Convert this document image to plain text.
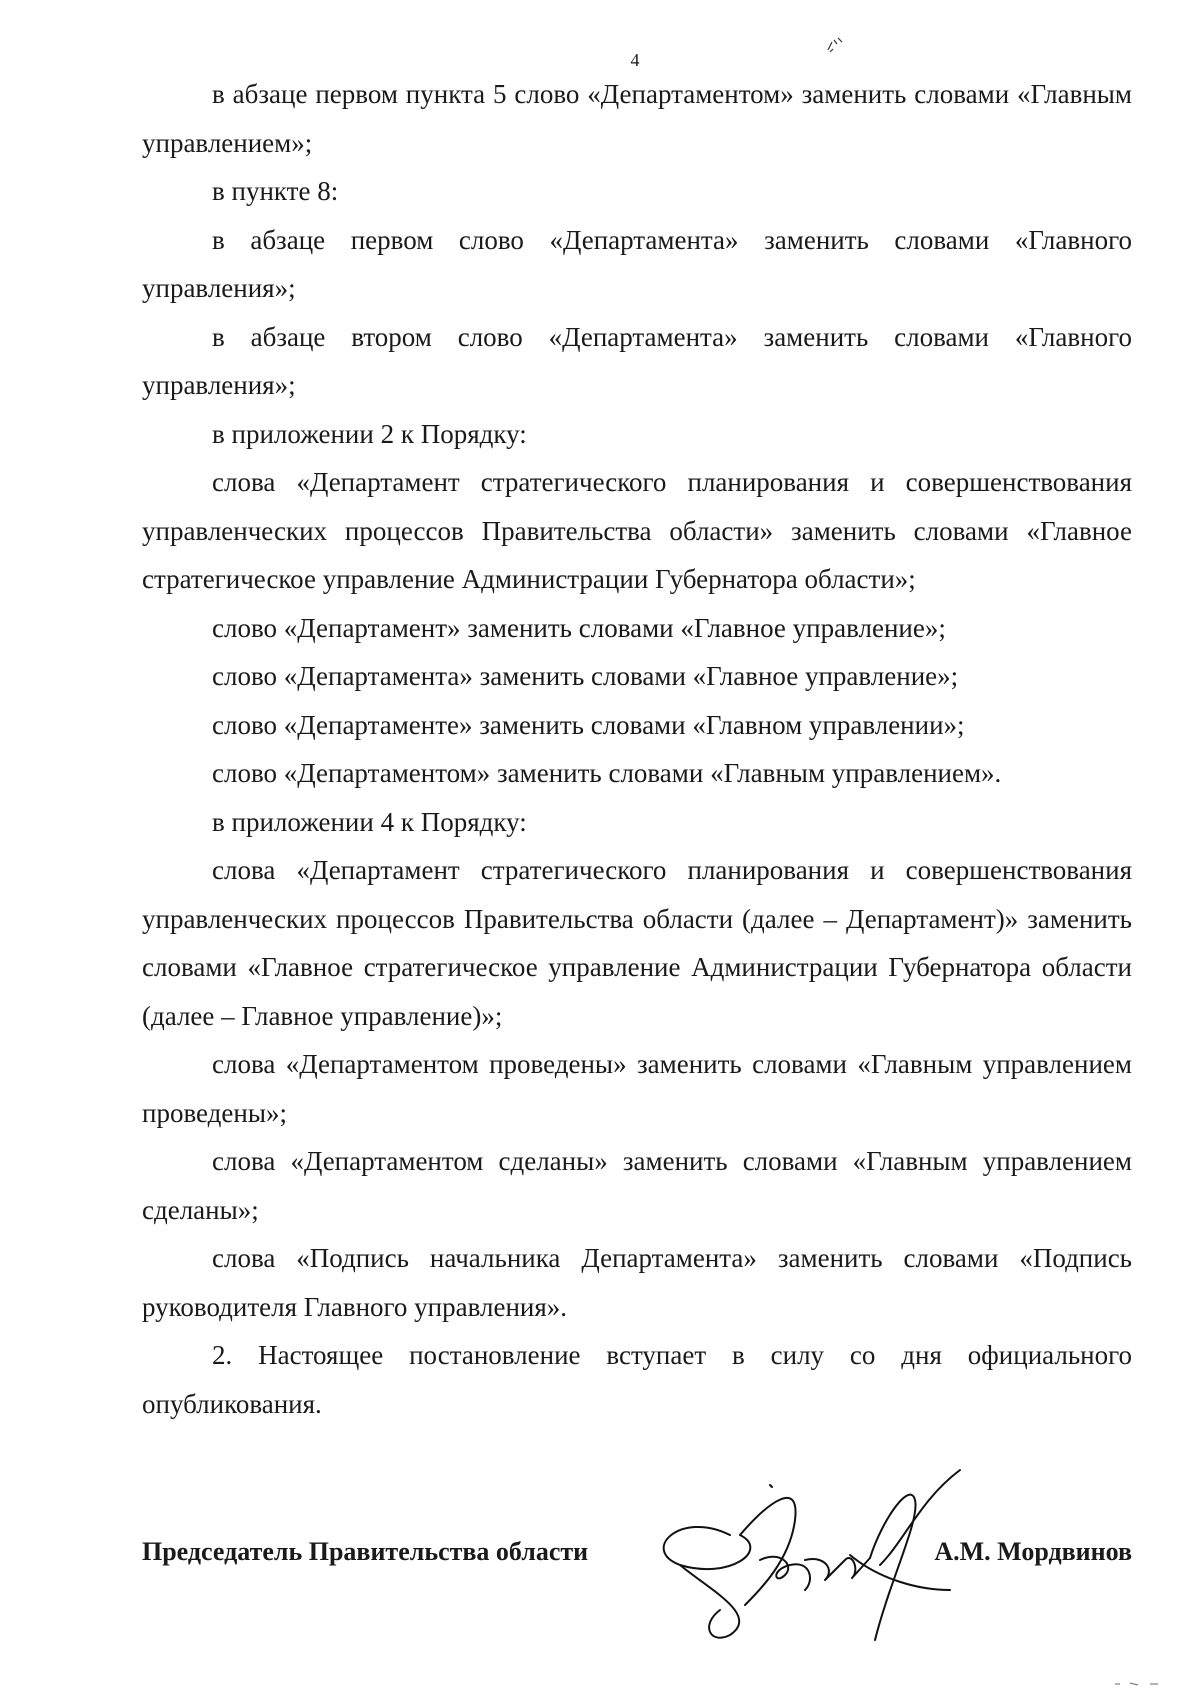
4

в абзаце первом пункта 5 слово «Департаментом» заменить словами «Главным управлением»;

в пункте 8:

в абзаце первом слово «Департамента» заменить словами «Главного управления»;

в абзаце втором слово «Департамента» заменить словами «Главного управления»;

в приложении 2 к Порядку:

слова «Департамент стратегического планирования и совершенствования управленческих процессов Правительства области» заменить словами «Главное стратегическое управление Администрации Губернатора области»;

слово «Департамент» заменить словами «Главное управление»;

слово «Департамента» заменить словами «Главное управление»;

слово «Департаменте» заменить словами «Главном управлении»;

слово «Департаментом» заменить словами «Главным управлением».

в приложении 4 к Порядку:

слова «Департамент стратегического планирования и совершенствования управленческих процессов Правительства области (далее – Департамент)» заменить словами «Главное стратегическое управление Администрации Губернатора области (далее – Главное управление)»;

слова «Департаментом проведены» заменить словами «Главным управлением проведены»;

слова «Департаментом сделаны» заменить словами «Главным управлением сделаны»;

слова «Подпись начальника Департамента» заменить словами «Подпись руководителя Главного управления».

2. Настоящее постановление вступает в силу со дня официального опубликования.

Председатель Правительства области	А.М. Мордвинов
